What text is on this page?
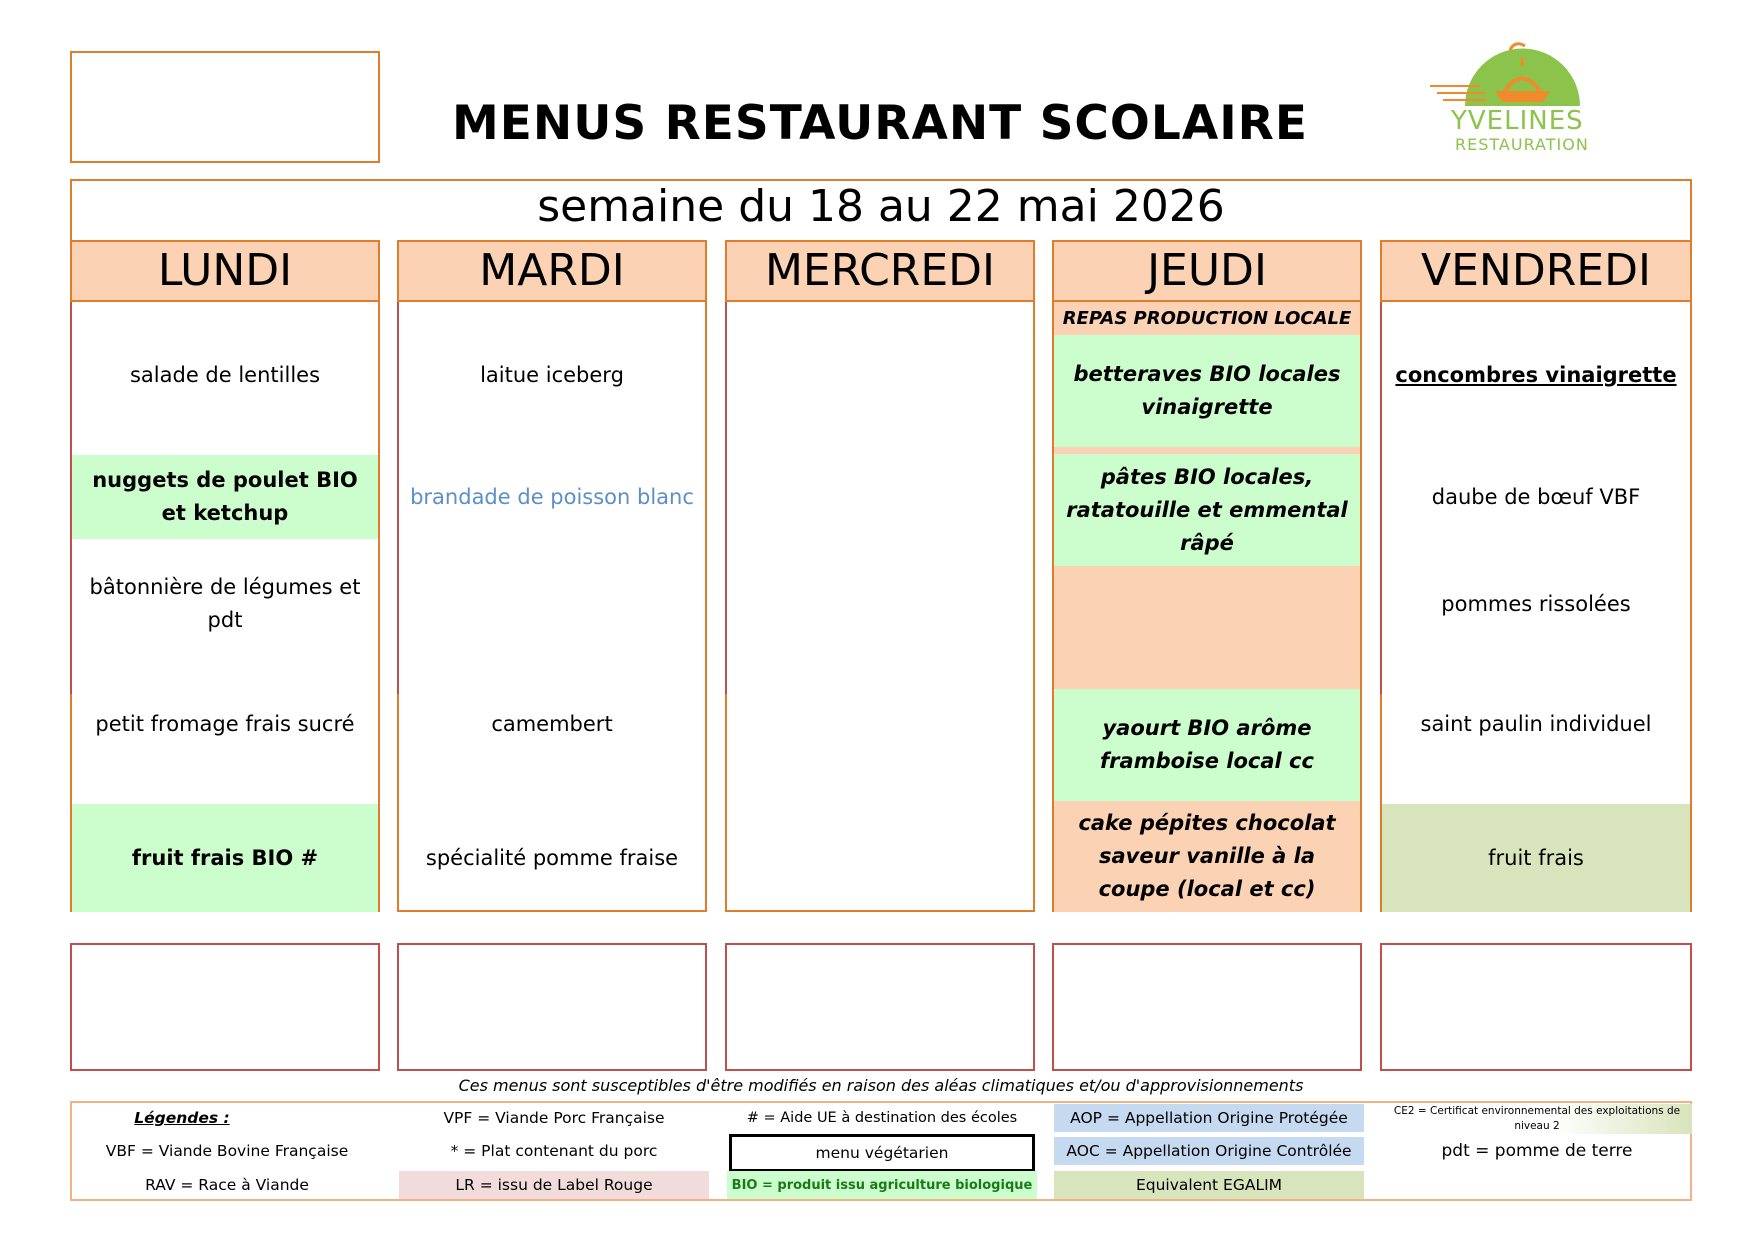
MENUS RESTAURANT SCOLAIRE	YVELINES
RESTAURATION
semaine du 18 au 22 mai 2026
LUNDI
salade de lentilles
nuggets de poulet BIO et ketchup
bâtonnière de légumes et pdt
petit fromage frais sucré
fruit frais BIO #
MARDI
laitue iceberg
brandade de poisson blanc
camembert
spécialité pomme fraise
MERCREDI	JEUDI
REPAS PRODUCTION LOCALE
betteraves BIO locales vinaigrette
pâtes BIO locales, ratatouille et emmental râpé
yaourt BIO arôme framboise local cc
cake pépites chocolat saveur vanille à la coupe (local et cc)
VENDREDI
concombres vinaigrette
daube de bœuf VBF
pommes rissolées
saint paulin individuel
fruit frais
Ces menus sont susceptibles d'être modifiés en raison des aléas climatiques et/ou d'approvisionnements
Légendes :	VPF = Viande Porc Française	# = Aide UE à destination des écoles	AOP = Appellation Origine Protégée	CE2 = Certificat environnemental des exploitations de niveau 2
VBF = Viande Bovine Française	* = Plat contenant du porc	menu végétarien	AOC = Appellation Origine Contrôlée	pdt = pomme de terre
RAV = Race à Viande	LR = issu de Label Rouge	BIO = produit issu agriculture biologique	Equivalent EGALIM
